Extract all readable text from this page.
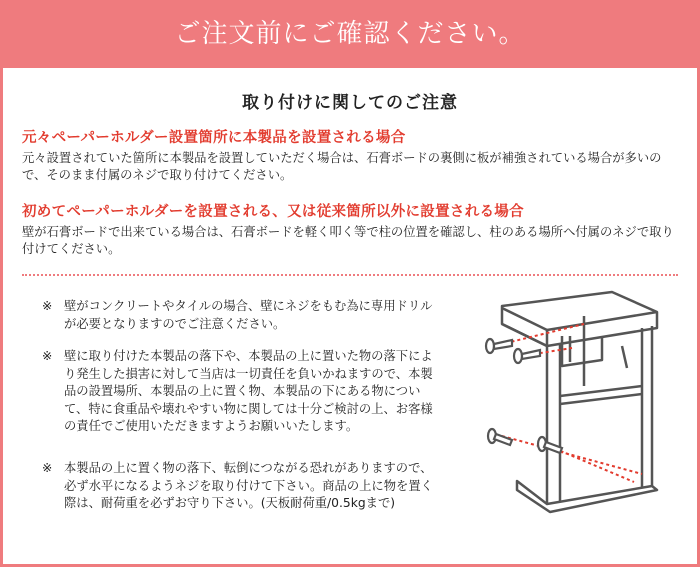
ご注文前にご確認ください。
取り付けに関してのご注意
元々ペーパーホルダー設置箇所に本製品を設置される場合
元々設置されていた箇所に本製品を設置していただく場合は、石膏ボードの裏側に板が補強されている場合が多いので、そのまま付属のネジで取り付けてください。
初めてペーパーホルダーを設置される、又は従来箇所以外に設置される場合
壁が石膏ボードで出来ている場合は、石膏ボードを軽く叩く等で柱の位置を確認し、柱のある場所へ付属のネジで取り付けてください。
※ 壁がコンクリートやタイルの場合、壁にネジをもむ為に専用ドリルが必要となりますのでご注意ください。
※ 壁に取り付けた本製品の落下や、本製品の上に置いた物の落下により発生した損害に対して当店は一切責任を負いかねますので、本製品の設置場所、本製品の上に置く物、本製品の下にある物について、特に食重品や壊れやすい物に関しては十分ご検討の上、お客様の責任でご使用いただきますようお願いいたします。
※ 本製品の上に置く物の落下、転倒につながる恐れがありますので、必ず水平になるようネジを取り付けて下さい。商品の上に物を置く際は、耐荷重を必ずお守り下さい。(天板耐荷重/0.5kgまで)
